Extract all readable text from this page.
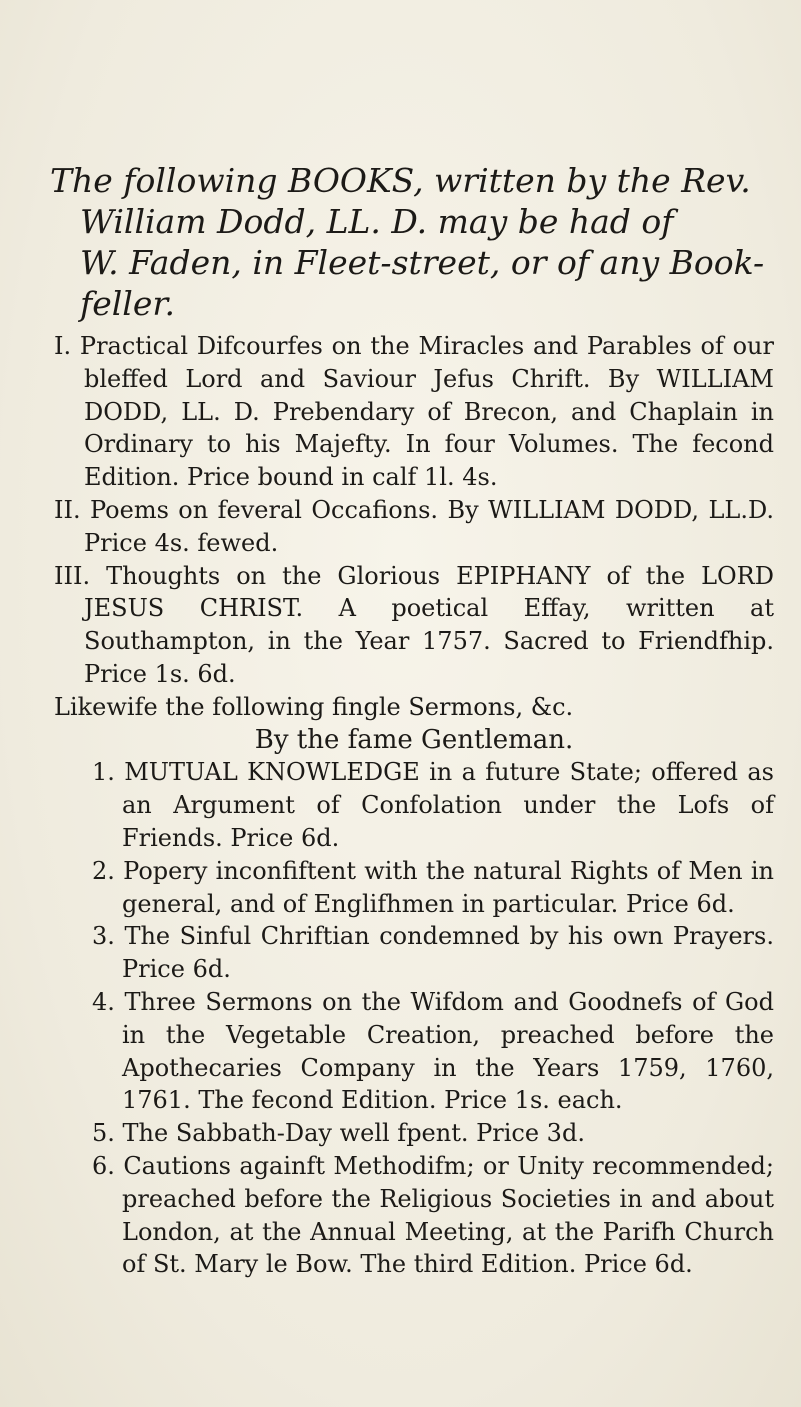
The following BOOKS, written by the Rev.
William Dodd, LL. D. may be had of
W. Faden, in Fleet-street, or of any Book-
feller.

I. Practical Difcourfes on the Miracles and Parables of our bleffed Lord and Saviour Jefus Chrift. By WILLIAM DODD, LL. D. Prebendary of Brecon, and Chaplain in Ordinary to his Majefty. In four Volumes. The fecond Edition. Price bound in calf 1l. 4s.

II. Poems on feveral Occafions. By WILLIAM DODD, LL.D. Price 4s. fewed.

III. Thoughts on the Glorious EPIPHANY of the LORD JESUS CHRIST. A poetical Effay, written at Southampton, in the Year 1757. Sacred to Friendfhip. Price 1s. 6d.

Likewife the following fingle Sermons, &c.

By the fame Gentleman.

1. MUTUAL KNOWLEDGE in a future State; offered as an Argument of Confolation under the Lofs of Friends. Price 6d.

2. Popery inconfiftent with the natural Rights of Men in general, and of Englifhmen in particular. Price 6d.

3. The Sinful Chriftian condemned by his own Prayers. Price 6d.

4. Three Sermons on the Wifdom and Goodnefs of God in the Vegetable Creation, preached before the Apothecaries Company in the Years 1759, 1760, 1761. The fecond Edition. Price 1s. each.

5. The Sabbath-Day well fpent. Price 3d.

6. Cautions againft Methodifm; or Unity recommended; preached before the Religious Societies in and about London, at the Annual Meeting, at the Parifh Church of St. Mary le Bow. The third Edition. Price 6d.
